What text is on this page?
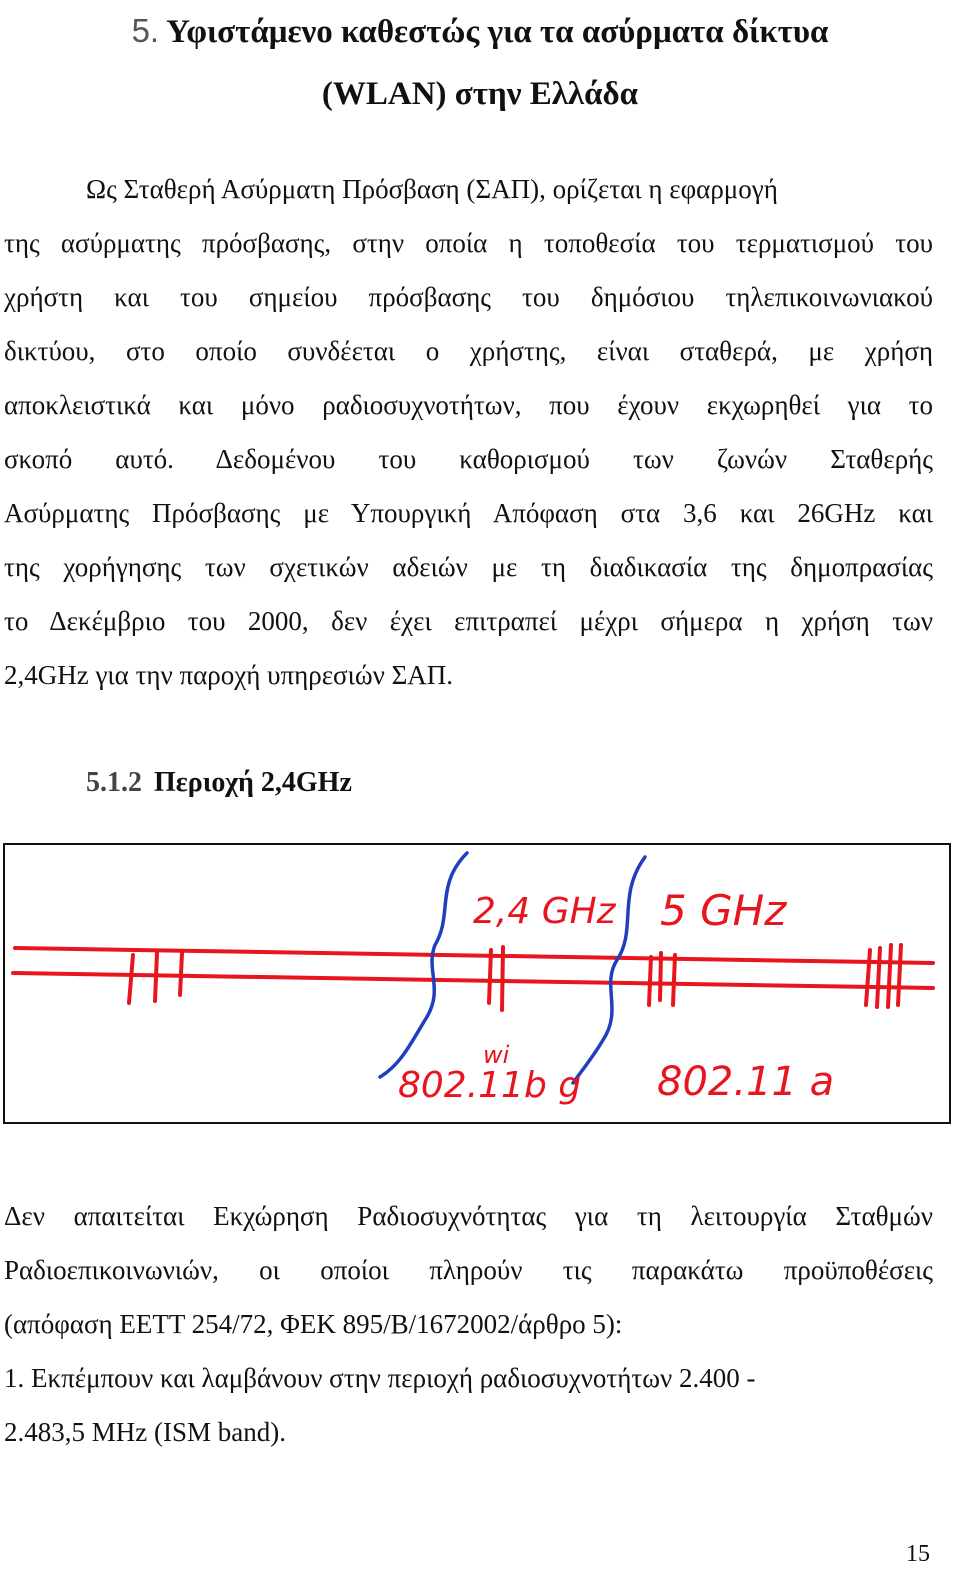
5. Υφιστάμενο καθεστώς για τα ασύρματα δίκτυα
(WLAN) στην Ελλάδα
Ως Σταθερή Ασύρματη Πρόσβαση (ΣΑΠ), ορίζεται η εφαρμογή
της ασύρματης πρόσβασης, στην οποία η τοποθεσία του τερματισμού του
χρήστη και του σημείου πρόσβασης του δημόσιου τηλεπικοινωνιακού
δικτύου, στο οποίο συνδέεται ο χρήστης, είναι σταθερά, με χρήση
αποκλειστικά και μόνο ραδιοσυχνοτήτων, που έχουν εκχωρηθεί για το
σκοπό αυτό. Δεδομένου του καθορισμού των ζωνών Σταθερής
Ασύρματης Πρόσβασης με Υπουργική Απόφαση στα 3,6 και 26GHz και
της χορήγησης των σχετικών αδειών με τη διαδικασία της δημοπρασίας
το Δεκέμβριο του 2000, δεν έχει επιτραπεί μέχρι σήμερα η χρήση των
2,4GHz για την παροχή υπηρεσιών ΣΑΠ.
5.1.2 Περιοχή 2,4GHz
2,4 GHz 5 GHz
wi
802.11b g 802.11 a
Δεν απαιτείται Εκχώρηση Ραδιοσυχνότητας για τη λειτουργία Σταθμών
Ραδιοεπικοινωνιών, οι οποίοι πληρούν τις παρακάτω προϋποθέσεις
(απόφαση ΕΕΤΤ 254/72, ΦΕΚ 895/Β/1672002/άρθρο 5):
1. Εκπέμπουν και λαμβάνουν στην περιοχή ραδιοσυχνοτήτων 2.400 -
2.483,5 MHz (ISM band).
15
